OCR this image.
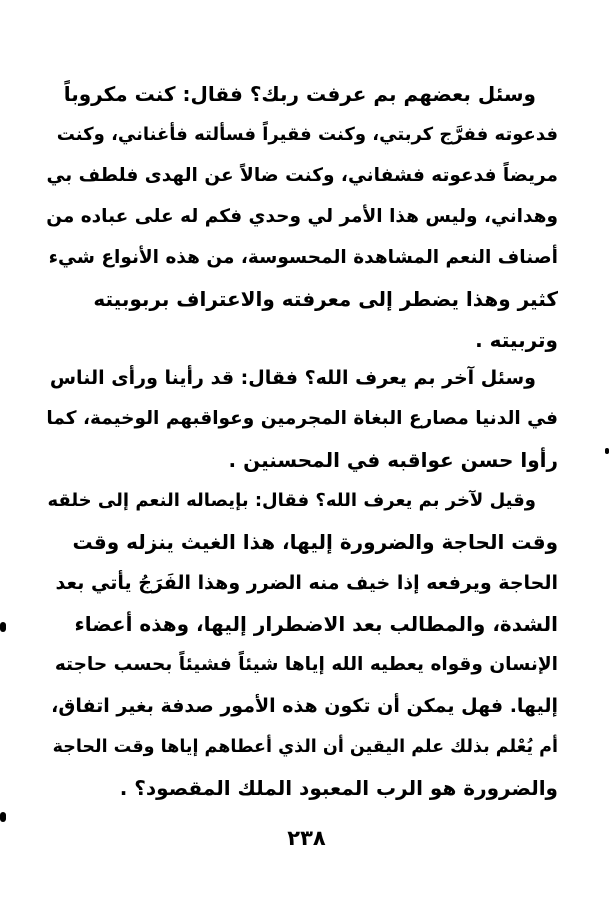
وسئل بعضهم بم عرفت ربك؟ فقال: كنت مكروباً
فدعوته ففرَّج كربتي، وكنت فقيراً فسألته فأغناني، وكنت
مريضاً فدعوته فشفاني، وكنت ضالاً عن الهدى فلطف بي
وهداني، وليس هذا الأمر لي وحدي فكم له على عباده من
أصناف النعم المشاهدة المحسوسة، من هذه الأنواع شيء
كثير وهذا يضطر إلى معرفته والاعتراف بربوبيته
وتربيته .
وسئل آخر بم يعرف الله؟ فقال: قد رأينا ورأى الناس
في الدنيا مصارع البغاة المجرمين وعواقبهم الوخيمة، كما
رأوا حسن عواقبه في المحسنين .
وقيل لآخر بم يعرف الله؟ فقال: بإيصاله النعم إلى خلقه
وقت الحاجة والضرورة إليها، هذا الغيث ينزله وقت
الحاجة ويرفعه إذا خيف منه الضرر وهذا الفَرَجُ يأتي بعد
الشدة، والمطالب بعد الاضطرار إليها، وهذه أعضاء
الإنسان وقواه يعطيه الله إياها شيئاً فشيئاً بحسب حاجته
إليها. فهل يمكن أن تكون هذه الأمور صدفة بغير اتفاق،
أم يُعْلم بذلك علم اليقين أن الذي أعطاهم إياها وقت الحاجة
والضرورة هو الرب المعبود الملك المقصود؟ .
٢٣٨
